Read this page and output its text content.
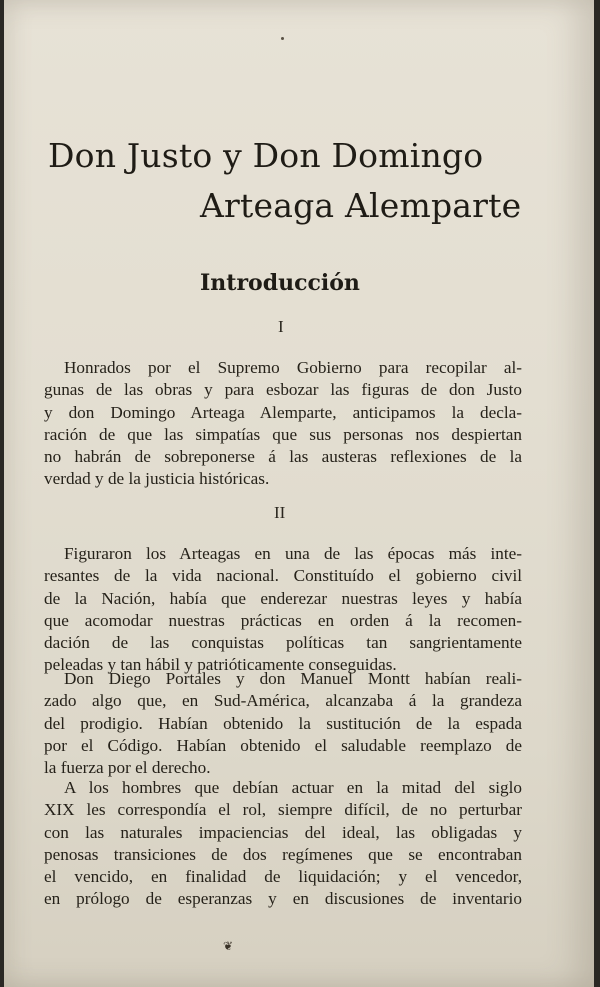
Don Justo y Don Domingo
Arteaga Alemparte
Introducción
I
Honrados por el Supremo Gobierno para recopilar al-
gunas de las obras y para esbozar las figuras de don Justo
y don Domingo Arteaga Alemparte, anticipamos la decla-
ración de que las simpatías que sus personas nos despiertan
no habrán de sobreponerse á las austeras reflexiones de la
verdad y de la justicia históricas.
II
Figuraron los Arteagas en una de las épocas más inte-
resantes de la vida nacional. Constituído el gobierno civil
de la Nación, había que enderezar nuestras leyes y había
que acomodar nuestras prácticas en orden á la recomen-
dación de las conquistas políticas tan sangrientamente
peleadas y tan hábil y patrióticamente conseguidas.
Don Diego Portales y don Manuel Montt habían reali-
zado algo que, en Sud-América, alcanzaba á la grandeza
del prodigio. Habían obtenido la sustitución de la espada
por el Código. Habían obtenido el saludable reemplazo de
la fuerza por el derecho.
A los hombres que debían actuar en la mitad del siglo
XIX les correspondía el rol, siempre difícil, de no perturbar
con las naturales impaciencias del ideal, las obligadas y
penosas transiciones de dos regímenes que se encontraban
el vencido, en finalidad de liquidación; y el vencedor,
en prólogo de esperanzas y en discusiones de inventario
❦
